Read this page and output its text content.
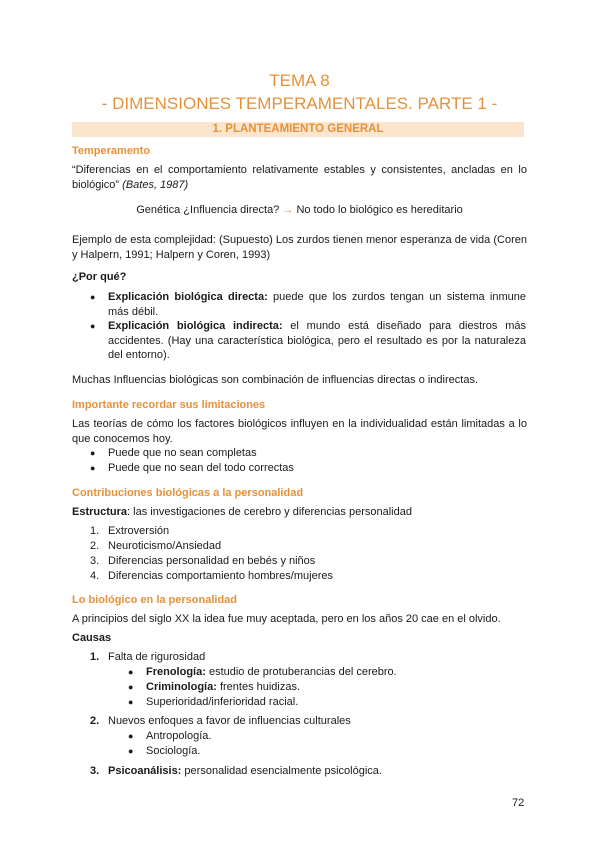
TEMA 8
- DIMENSIONES TEMPERAMENTALES. PARTE 1 -
1. PLANTEAMIENTO GENERAL
Temperamento
“Diferencias en el comportamiento relativamente estables y consistentes, ancladas en lo biológico” (Bates, 1987)
Genética ¿Influencia directa? → No todo lo biológico es hereditario
Ejemplo de esta complejidad: (Supuesto) Los zurdos tienen menor esperanza de vida (Coren y Halpern, 1991; Halpern y Coren, 1993)
¿Por qué?
● Explicación biológica directa: puede que los zurdos tengan un sistema inmune más débil.
● Explicación biológica indirecta: el mundo está diseñado para diestros más accidentes. (Hay una característica biológica, pero el resultado es por la naturaleza del entorno).
Muchas Influencias biológicas son combinación de influencias directas o indirectas.
Importante recordar sus limitaciones
Las teorías de cómo los factores biológicos influyen en la individualidad están limitadas a lo que conocemos hoy.
● Puede que no sean completas
● Puede que no sean del todo correctas
Contribuciones biológicas a la personalidad
Estructura: las investigaciones de cerebro y diferencias personalidad
1. Extroversión
2. Neuroticismo/Ansiedad
3. Diferencias personalidad en bebés y niños
4. Diferencias comportamiento hombres/mujeres
Lo biológico en la personalidad
A principios del siglo XX la idea fue muy aceptada, pero en los años 20 cae en el olvido.
Causas
1. Falta de rigurosidad
● Frenología: estudio de protuberancias del cerebro.
● Criminología: frentes huidizas.
● Superioridad/inferioridad racial.
2. Nuevos enfoques a favor de influencias culturales
● Antropología.
● Sociología.
3. Psicoanálisis: personalidad esencialmente psicológica.
72
